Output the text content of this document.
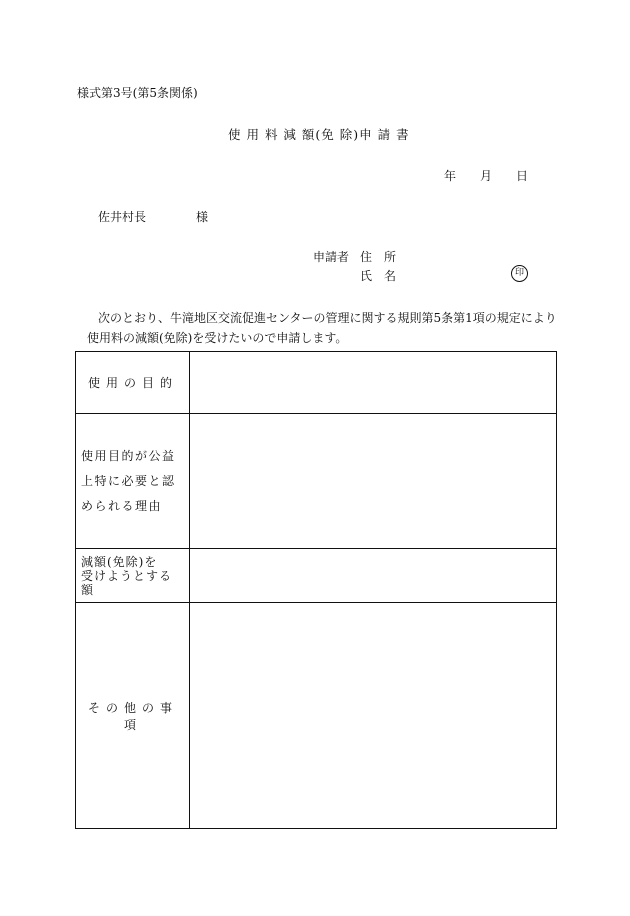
様式第3号(第5条関係)
使 用 料 減 額(免 除)申 請 書
年 月 日
佐井村長	様
申請者 住　所
氏　名	印
次のとおり、牛滝地区交流促進センターの管理に関する規則第5条第1項の規定により
使用料の減額(免除)を受けたいので申請します。
使用の目的	

使用目的が公益
上特に必要と認
められる理由	

減額(免除)を
受けようとする
額	

その他の事項	
